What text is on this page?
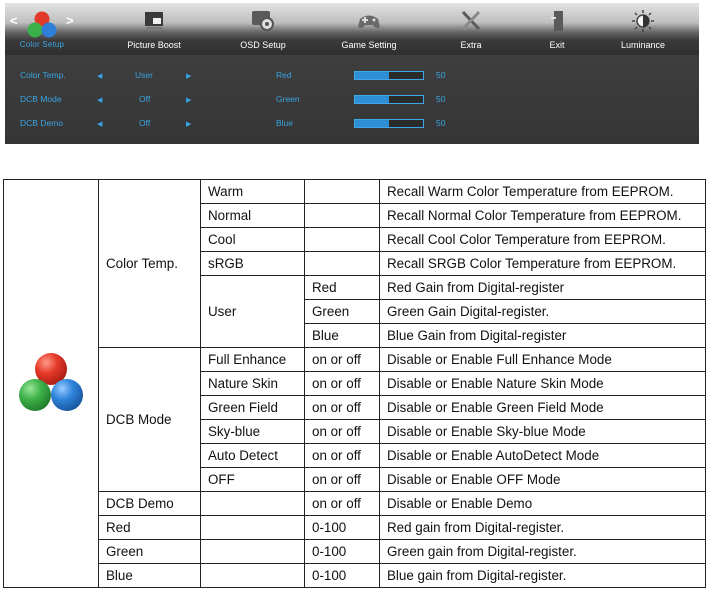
<	>
Color Setup	Picture Boost	OSD Setup	Game Setting	Extra	Exit	Luminance
Color Temp.	◀	User	▶	Red	50
DCB Mode	◀	Off	▶	Green	50
DCB Demo	◀	Off	▶	Blue	50
	Color Temp.	Warm		Recall Warm Color Temperature from EEPROM.
		Normal		Recall Normal Color Temperature from EEPROM.
		Cool		Recall Cool Color Temperature from EEPROM.
		sRGB		Recall SRGB Color Temperature from EEPROM.
		User	Red	Red Gain from Digital-register
			Green	Green Gain Digital-register.
			Blue	Blue Gain from Digital-register
	DCB Mode	Full Enhance	on or off	Disable or Enable Full Enhance Mode
		Nature Skin	on or off	Disable or Enable Nature Skin Mode
		Green Field	on or off	Disable or Enable Green Field Mode
		Sky-blue	on or off	Disable or Enable Sky-blue Mode
		Auto Detect	on or off	Disable or Enable AutoDetect Mode
		OFF	on or off	Disable or Enable OFF Mode
	DCB Demo		on or off	Disable or Enable Demo
	Red		0-100	Red gain from Digital-register.
	Green		0-100	Green gain from Digital-register.
	Blue		0-100	Blue gain from Digital-register.
